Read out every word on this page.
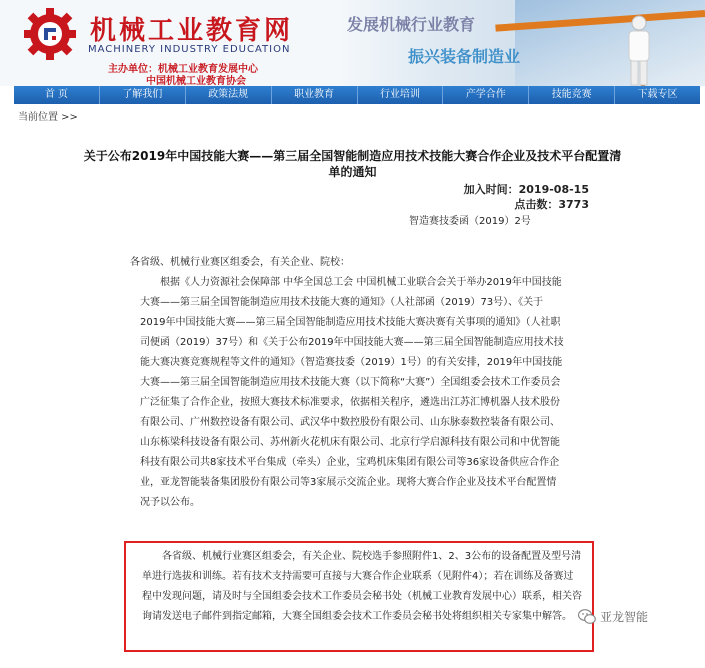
机械工业教育网
MACHINERY INDUSTRY EDUCATION
主办单位：机械工业教育发展中心
中国机械工业教育协会
发展机械行业教育
振兴装备制造业
首 页	了解我们	政策法规	职业教育	行业培训	产学合作	技能竞赛	下载专区
当前位置 >>
关于公布2019年中国技能大赛——第三届全国智能制造应用技术技能大赛合作企业及技术平台配置清单的通知
加入时间：2019-08-15
点击数：3773
智造赛技委函（2019）2号
各省级、机械行业赛区组委会，有关企业、院校：
根据《人力资源社会保障部 中华全国总工会 中国机械工业联合会关于举办2019年中国技能大赛——第三届全国智能制造应用技术技能大赛的通知》（人社部函（2019）73号）、《关于2019年中国技能大赛——第三届全国智能制造应用技术技能大赛决赛有关事项的通知》（人社职司便函（2019）37号）和《关于公布2019年中国技能大赛——第三届全国智能制造应用技术技能大赛决赛竞赛规程等文件的通知》（智造赛技委（2019）1号）的有关安排，2019年中国技能大赛——第三届全国智能制造应用技术技能大赛（以下简称“大赛”）全国组委会技术工作委员会广泛征集了合作企业，按照大赛技术标准要求，依据相关程序，遴选出江苏汇博机器人技术股份有限公司、广州数控设备有限公司、武汉华中数控股份有限公司、山东脉泰数控装备有限公司、山东栋梁科技设备有限公司、苏州新火花机床有限公司、北京行学启源科技有限公司和中优智能科技有限公司共8家技术平台集成（牵头）企业，宝鸡机床集团有限公司等36家设备供应合作企业，亚龙智能装备集团股份有限公司等3家展示交流企业。现将大赛合作企业及技术平台配置情况予以公布。
各省级、机械行业赛区组委会，有关企业、院校选手参照附件1、2、3公布的设备配置及型号清单进行选拔和训练。若有技术支持需要可直接与大赛合作企业联系（见附件4）；若在训练及备赛过程中发现问题，请及时与全国组委会技术工作委员会秘书处（机械工业教育发展中心）联系，相关咨询请发送电子邮件到指定邮箱，大赛全国组委会技术工作委员会秘书处将组织相关专家集中解答。	亚龙智能
